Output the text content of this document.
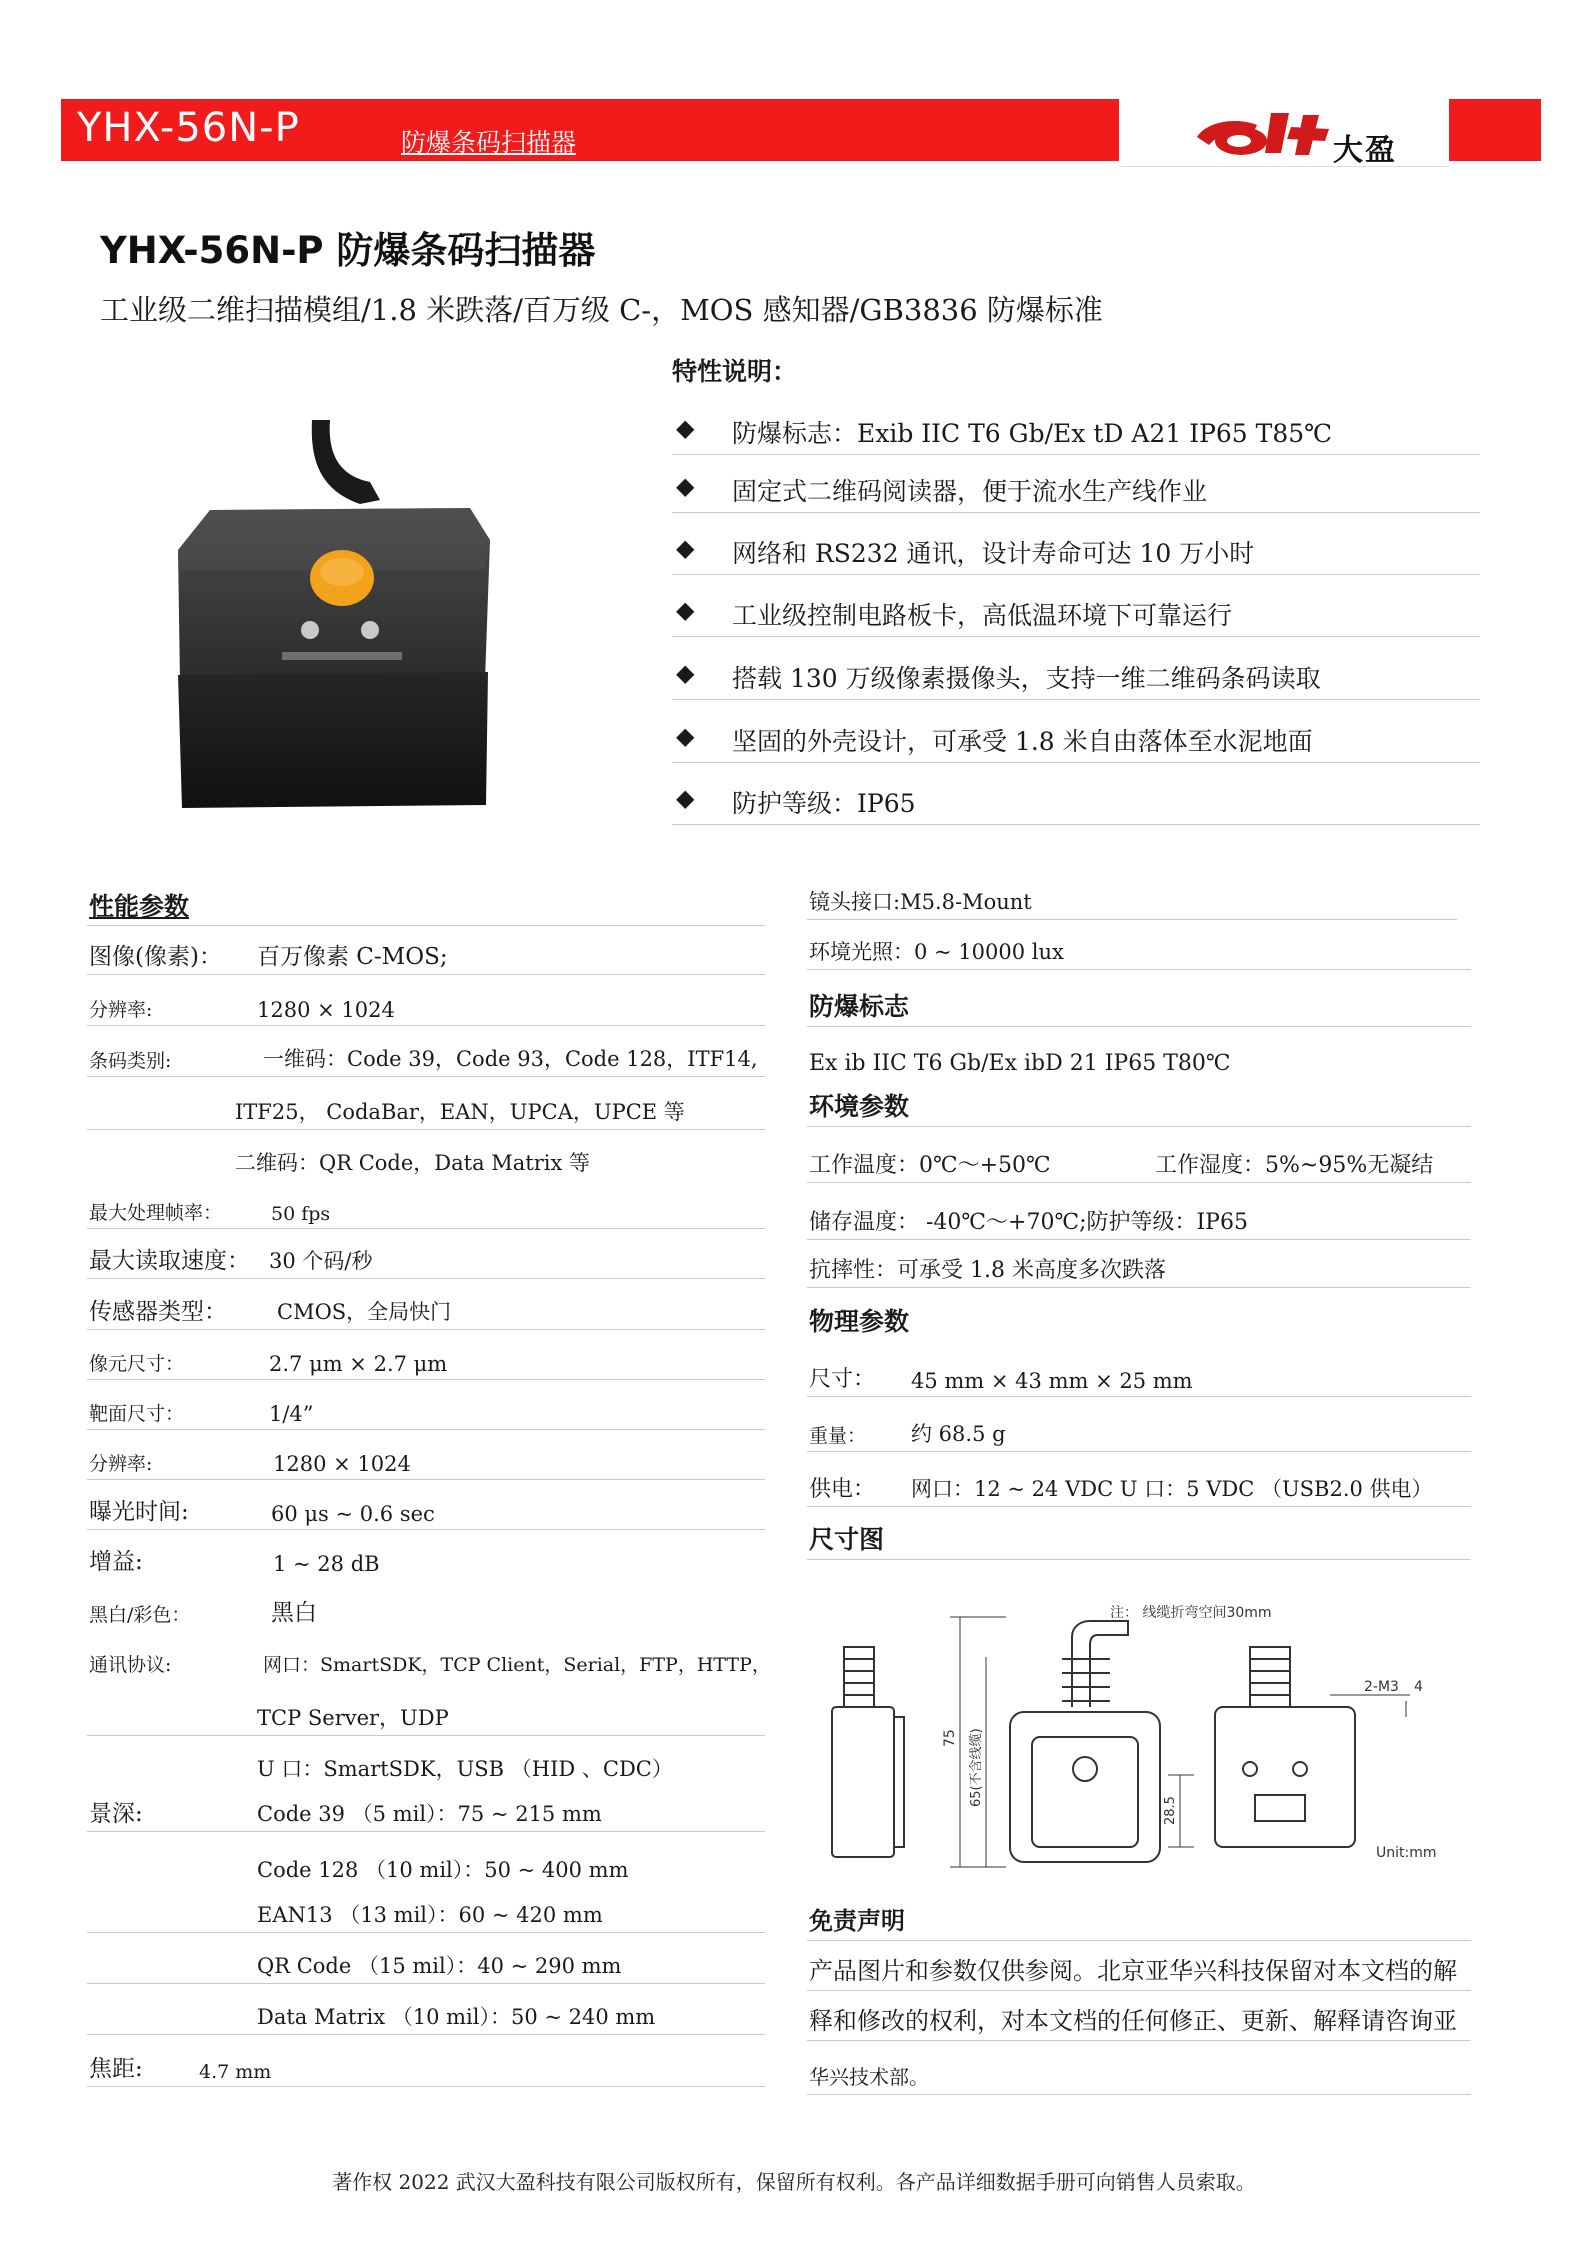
YHX-56N-P	防爆条码扫描器	大盈
YHX-56N-P 防爆条码扫描器
工业级二维扫描模组/1.8 米跌落/百万级 C-，MOS 感知器/GB3836 防爆标准
特性说明：
◆ 防爆标志：Exib IIC T6 Gb/Ex tD A21 IP65 T85℃
◆ 固定式二维码阅读器，便于流水生产线作业
◆ 网络和 RS232 通讯，设计寿命可达 10 万小时
◆ 工业级控制电路板卡，高低温环境下可靠运行
◆ 搭载 130 万级像素摄像头，支持一维二维码条码读取
◆ 坚固的外壳设计，可承受 1.8 米自由落体至水泥地面
◆ 防护等级：IP65
性能参数
图像(像素)： 百万像素 C-MOS;
分辨率:	1280 × 1024
条码类别:	一维码：Code 39，Code 93，Code 128，ITF14,
ITF25， CodaBar，EAN，UPCA，UPCE 等
二维码：QR Code，Data Matrix 等
最大处理帧率：	50 fps
最大读取速度： 30 个码/秒
传感器类型： CMOS，全局快门
像元尺寸：	2.7 μm × 2.7 μm
靶面尺寸：	1/4”
分辨率:	1280 × 1024
曝光时间:	60 μs ~ 0.6 sec
增益:	1 ~ 28 dB
黑白/彩色：	黑白
通讯协议:	网口：SmartSDK，TCP Client，Serial，FTP，HTTP，
TCP Server，UDP
U 口：SmartSDK，USB （HID 、CDC）
景深:	Code 39 （5 mil）：75 ~ 215 mm
Code 128 （10 mil）：50 ~ 400 mm
EAN13 （13 mil）：60 ~ 420 mm
QR Code （15 mil）：40 ~ 290 mm
Data Matrix （10 mil）：50 ~ 240 mm
焦距:	4.7 mm
镜头接口:M5.8-Mount
环境光照：0 ~ 10000 lux
防爆标志
Ex ib IIC T6 Gb/Ex ibD 21 IP65 T80℃
环境参数
工作温度：0℃～+50℃	工作湿度：5%~95%无凝结
储存温度： -40℃～+70℃;防护等级：IP65
抗摔性：可承受 1.8 米高度多次跌落
物理参数
尺寸： 45 mm × 43 mm × 25 mm
重量： 约 68.5 g
供电： 网口：12 ~ 24 VDC U 口：5 VDC （USB2.0 供电）
尺寸图
注： 线缆折弯空间30mm
75 65(不含线缆)
28.5
2-M3 4
Unit:mm
免责声明
产品图片和参数仅供参阅。北京亚华兴科技保留对本文档的解
释和修改的权利，对本文档的任何修正、更新、解释请咨询亚
华兴技术部。
著作权 2022 武汉大盈科技有限公司版权所有，保留所有权利。各产品详细数据手册可向销售人员索取。
